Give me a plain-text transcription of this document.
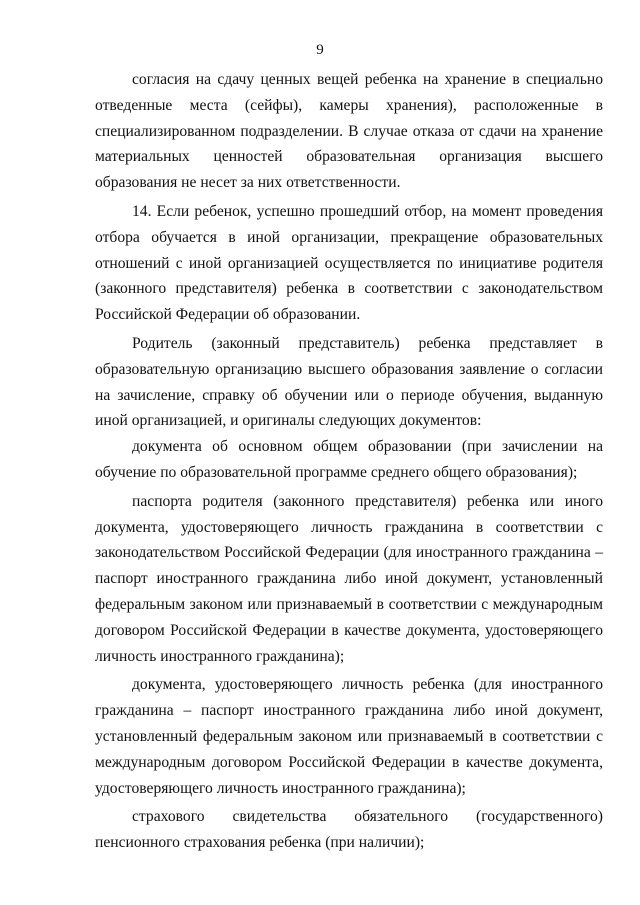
9

согласия на сдачу ценных вещей ребенка на хранение в специально отведенные места (сейфы), камеры хранения), расположенные в специализированном подразделении. В случае отказа от сдачи на хранение материальных ценностей образовательная организация высшего образования не несет за них ответственности.

14. Если ребенок, успешно прошедший отбор, на момент проведения отбора обучается в иной организации, прекращение образовательных отношений с иной организацией осуществляется по инициативе родителя (законного представителя) ребенка в соответствии с законодательством Российской Федерации об образовании.

Родитель (законный представитель) ребенка представляет в образовательную организацию высшего образования заявление о согласии на зачисление, справку об обучении или о периоде обучения, выданную иной организацией, и оригиналы следующих документов:

документа об основном общем образовании (при зачислении на обучение по образовательной программе среднего общего образования);

паспорта родителя (законного представителя) ребенка или иного документа, удостоверяющего личность гражданина в соответствии с законодательством Российской Федерации (для иностранного гражданина – паспорт иностранного гражданина либо иной документ, установленный федеральным законом или признаваемый в соответствии с международным договором Российской Федерации в качестве документа, удостоверяющего личность иностранного гражданина);

документа, удостоверяющего личность ребенка (для иностранного гражданина – паспорт иностранного гражданина либо иной документ, установленный федеральным законом или признаваемый в соответствии с международным договором Российской Федерации в качестве документа, удостоверяющего личность иностранного гражданина);

страхового свидетельства обязательного (государственного) пенсионного страхования ребенка (при наличии);
